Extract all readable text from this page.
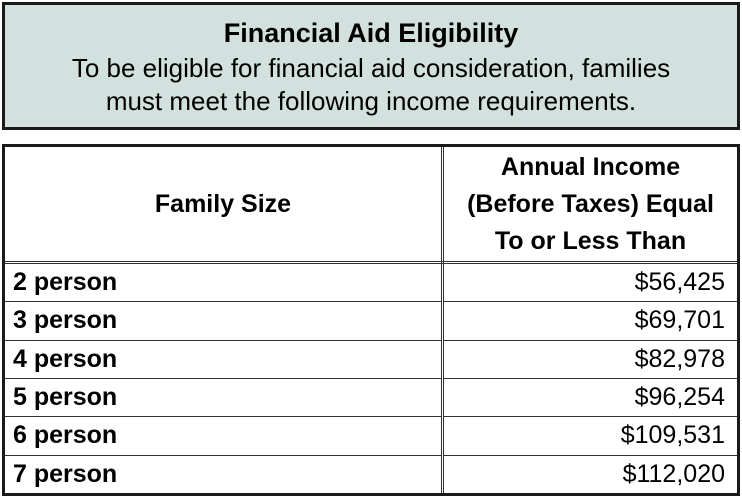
Financial Aid Eligibility
To be eligible for financial aid consideration, families
must meet the following income requirements.
Family Size	Annual Income
(Before Taxes) Equal
To or Less Than

2 person	$56,425
3 person	$69,701
4 person	$82,978
5 person	$96,254
6 person	$109,531
7 person	$112,020
